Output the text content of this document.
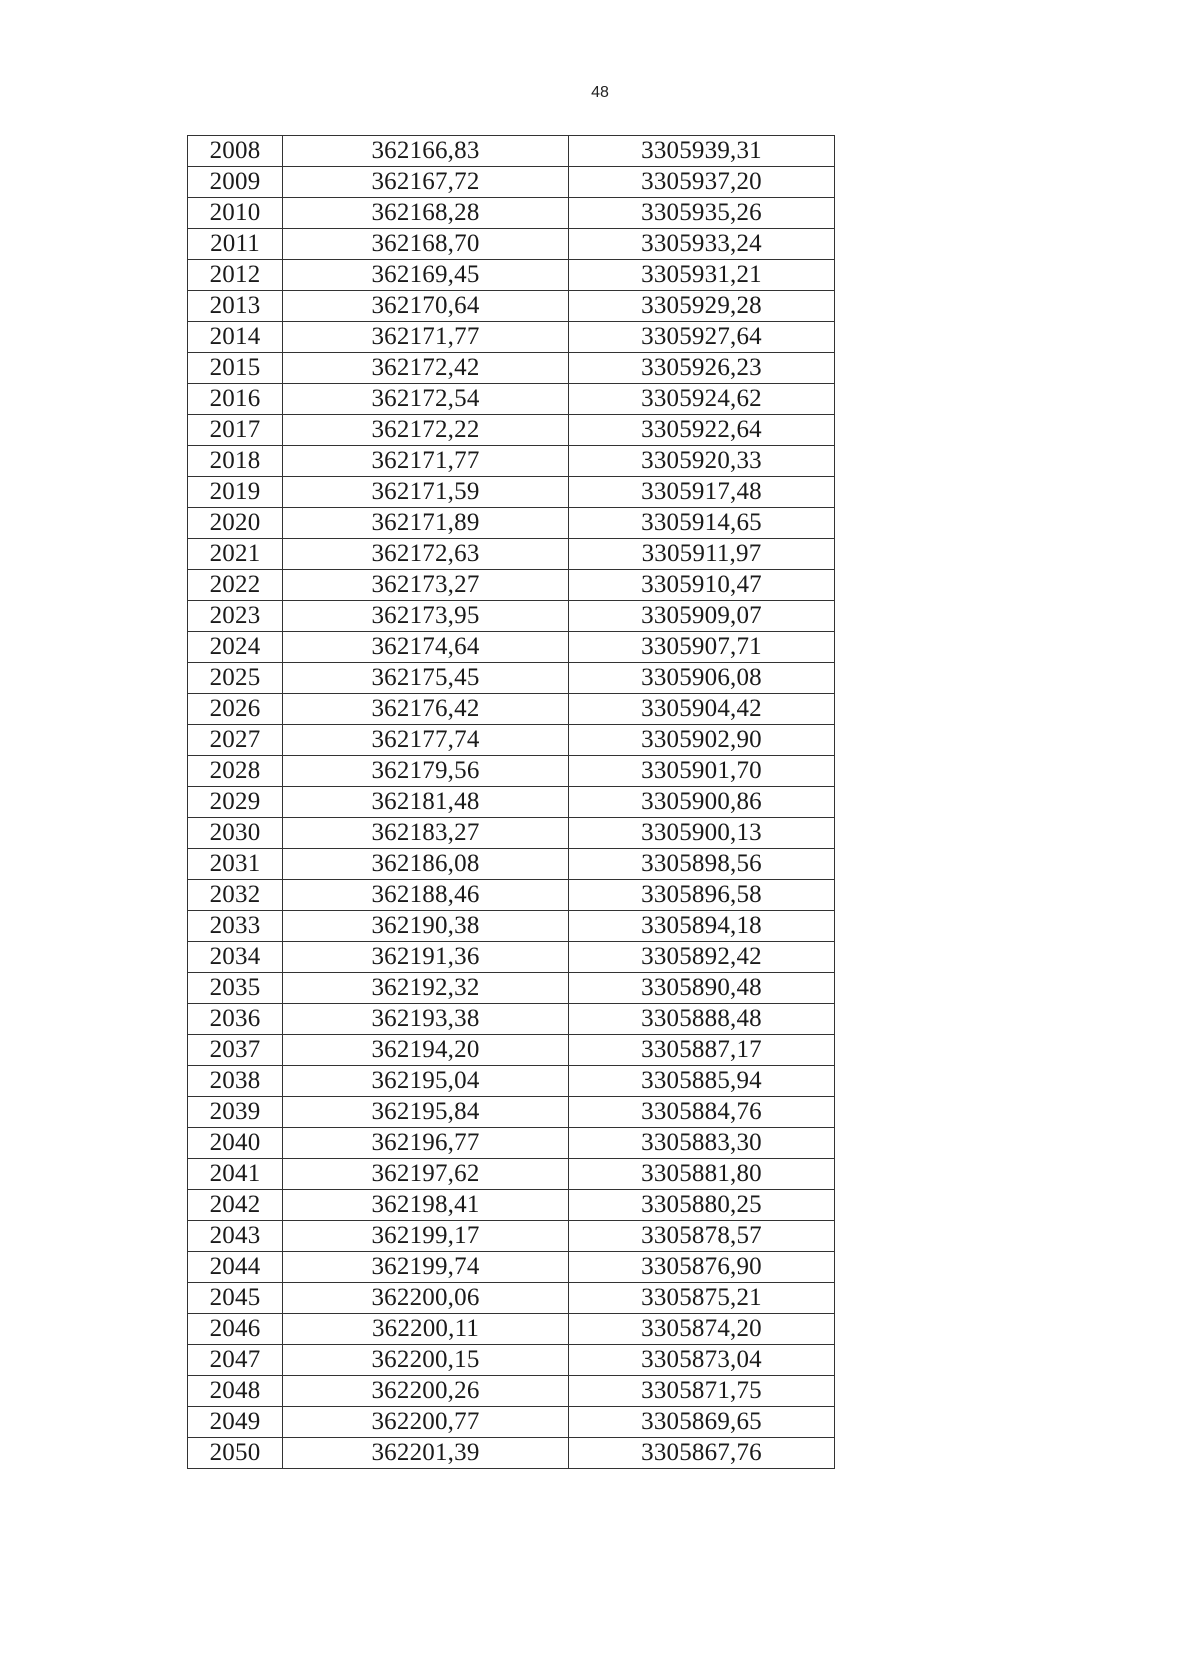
48
2008	362166,83	3305939,31
2009	362167,72	3305937,20
2010	362168,28	3305935,26
2011	362168,70	3305933,24
2012	362169,45	3305931,21
2013	362170,64	3305929,28
2014	362171,77	3305927,64
2015	362172,42	3305926,23
2016	362172,54	3305924,62
2017	362172,22	3305922,64
2018	362171,77	3305920,33
2019	362171,59	3305917,48
2020	362171,89	3305914,65
2021	362172,63	3305911,97
2022	362173,27	3305910,47
2023	362173,95	3305909,07
2024	362174,64	3305907,71
2025	362175,45	3305906,08
2026	362176,42	3305904,42
2027	362177,74	3305902,90
2028	362179,56	3305901,70
2029	362181,48	3305900,86
2030	362183,27	3305900,13
2031	362186,08	3305898,56
2032	362188,46	3305896,58
2033	362190,38	3305894,18
2034	362191,36	3305892,42
2035	362192,32	3305890,48
2036	362193,38	3305888,48
2037	362194,20	3305887,17
2038	362195,04	3305885,94
2039	362195,84	3305884,76
2040	362196,77	3305883,30
2041	362197,62	3305881,80
2042	362198,41	3305880,25
2043	362199,17	3305878,57
2044	362199,74	3305876,90
2045	362200,06	3305875,21
2046	362200,11	3305874,20
2047	362200,15	3305873,04
2048	362200,26	3305871,75
2049	362200,77	3305869,65
2050	362201,39	3305867,76
